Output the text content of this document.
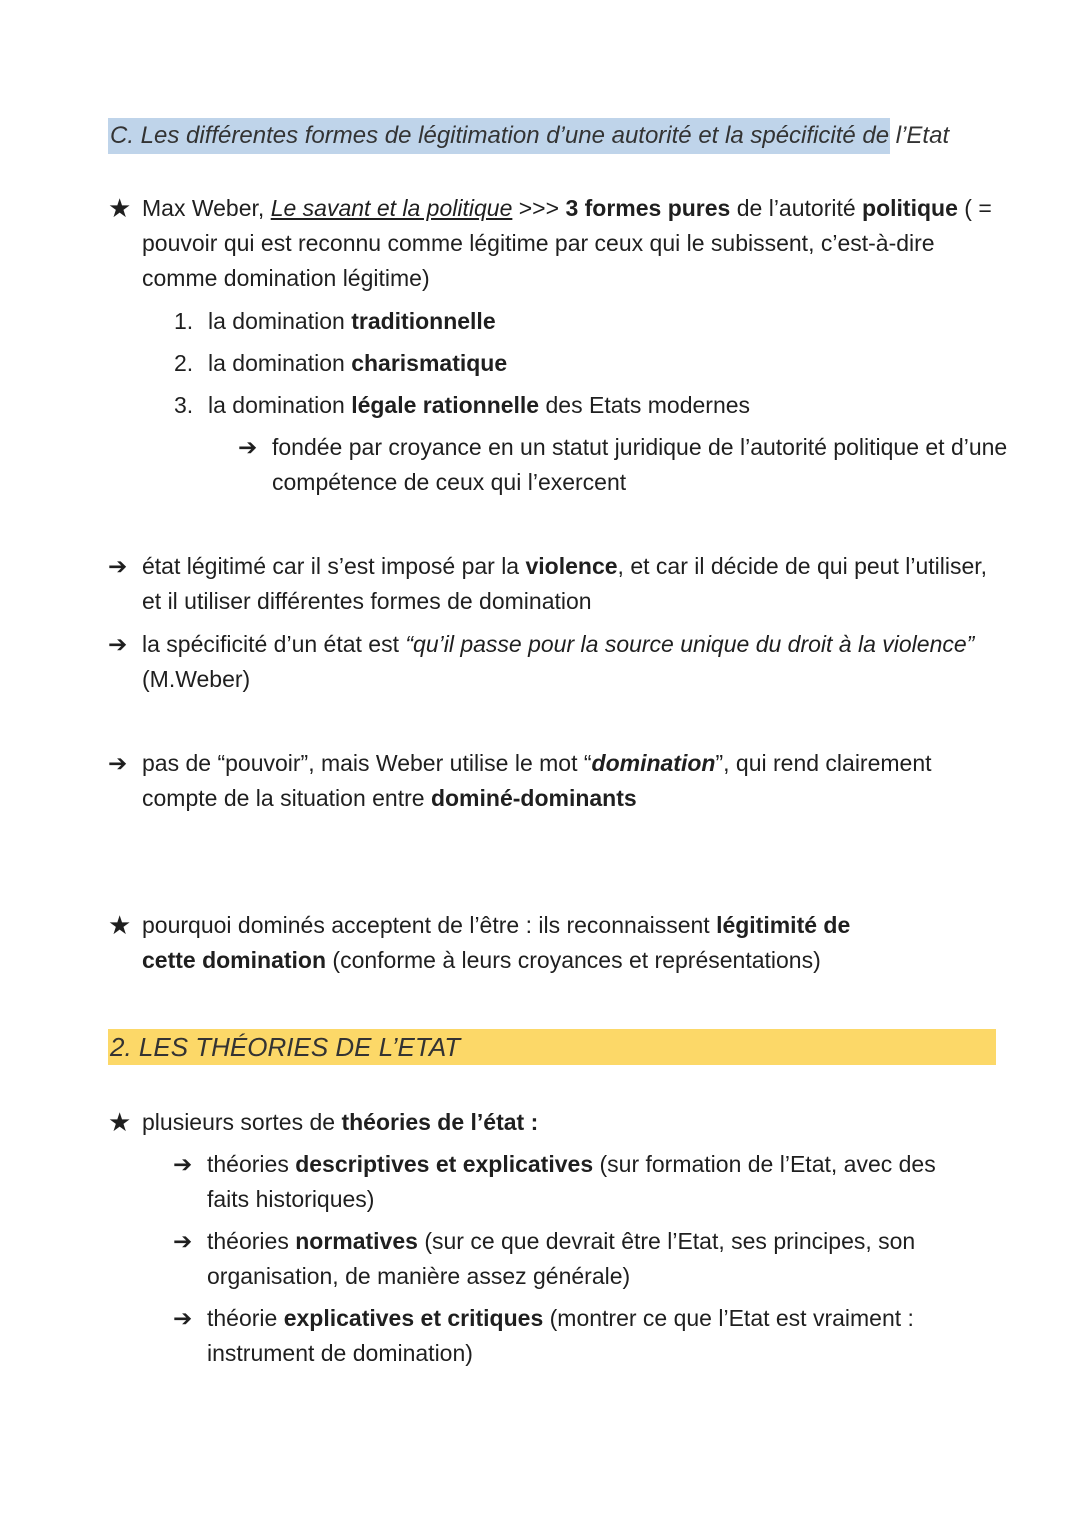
C. Les différentes formes de légitimation d’une autorité et la spécificité de l’Etat
★ Max Weber, Le savant et la politique >>> 3 formes pures de l’autorité politique ( = pouvoir qui est reconnu comme légitime par ceux qui le subissent, c’est-à-dire comme domination légitime)
1. la domination traditionnelle
2. la domination charismatique
3. la domination légale rationnelle des Etats modernes
➔ fondée par croyance en un statut juridique de l’autorité politique et d’une compétence de ceux qui l’exercent
➔ état légitimé car il s’est imposé par la violence, et car il décide de qui peut l’utiliser, et il utiliser différentes formes de domination
➔ la spécificité d’un état est “qu’il passe pour la source unique du droit à la violence” (M.Weber)
➔ pas de “pouvoir”, mais Weber utilise le mot “domination”, qui rend clairement compte de la situation entre dominé-dominants
★ pourquoi dominés acceptent de l’être : ils reconnaissent légitimité de cette domination (conforme à leurs croyances et représentations)
2. LES THÉORIES DE L’ETAT
★ plusieurs sortes de théories de l’état :
➔ théories descriptives et explicatives (sur formation de l’Etat, avec des faits historiques)
➔ théories normatives (sur ce que devrait être l’Etat, ses principes, son organisation, de manière assez générale)
➔ théorie explicatives et critiques (montrer ce que l’Etat est vraiment : instrument de domination)
